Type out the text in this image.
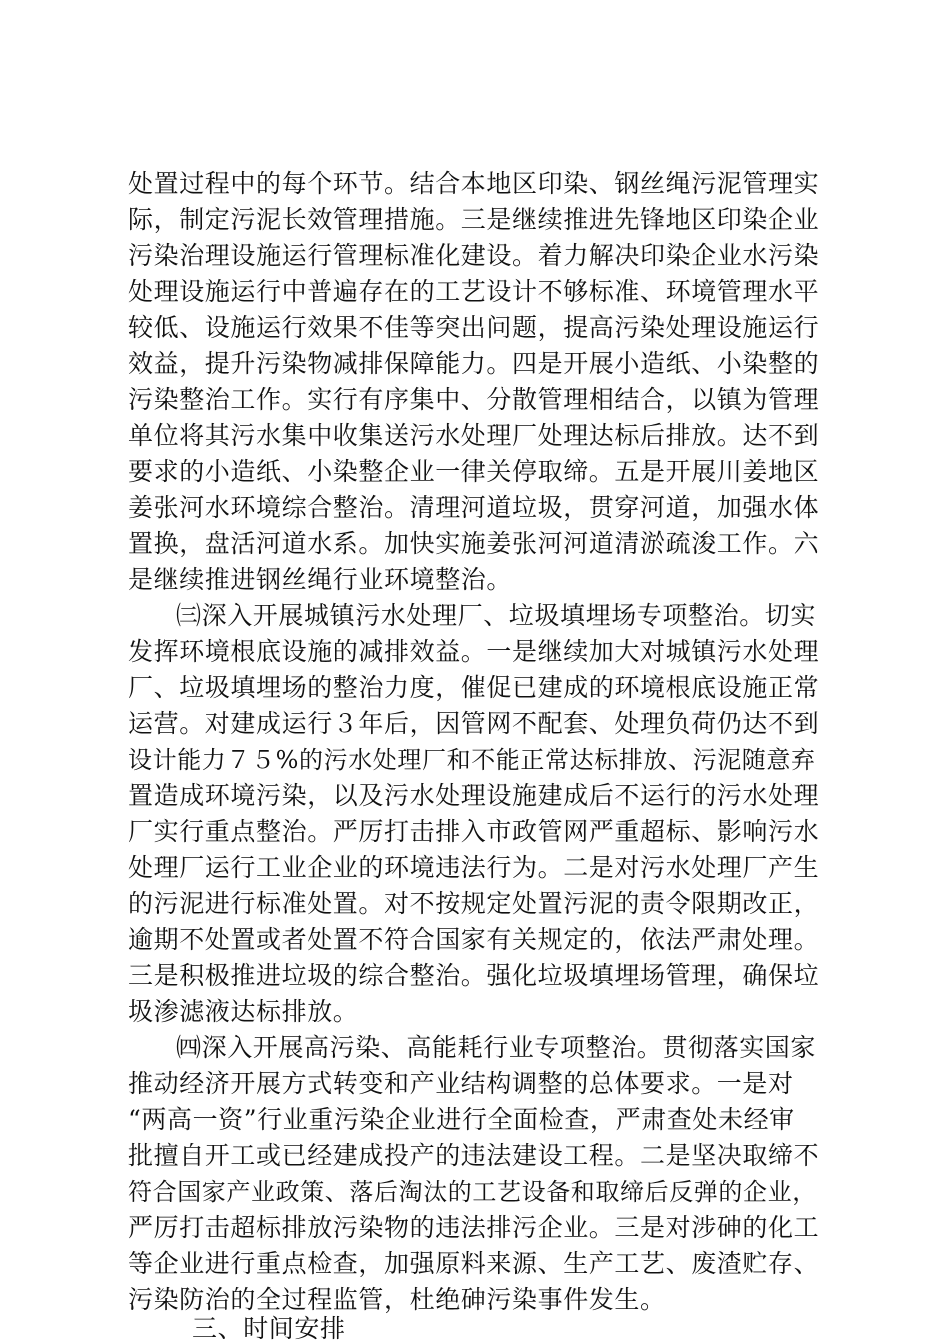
处置过程中的每个环节。结合本地区印染、钢丝绳污泥管理实
际，制定污泥长效管理措施。三是继续推进先锋地区印染企业
污染治理设施运行管理标准化建设。着力解决印染企业水污染
处理设施运行中普遍存在的工艺设计不够标准、环境管理水平
较低、设施运行效果不佳等突出问题，提高污染处理设施运行
效益，提升污染物减排保障能力。四是开展小造纸、小染整的
污染整治工作。实行有序集中、分散管理相结合，以镇为管理
单位将其污水集中收集送污水处理厂处理达标后排放。达不到
要求的小造纸、小染整企业一律关停取缔。五是开展川姜地区
姜张河水环境综合整治。清理河道垃圾，贯穿河道，加强水体
置换，盘活河道水系。加快实施姜张河河道清淤疏浚工作。六
是继续推进钢丝绳行业环境整治。
㈢深入开展城镇污水处理厂、垃圾填埋场专项整治。切实
发挥环境根底设施的减排效益。一是继续加大对城镇污水处理
厂、垃圾填埋场的整治力度，催促已建成的环境根底设施正常
运营。对建成运行３年后，因管网不配套、处理负荷仍达不到
设计能力７５%的污水处理厂和不能正常达标排放、污泥随意弃
置造成环境污染，以及污水处理设施建成后不运行的污水处理
厂实行重点整治。严厉打击排入市政管网严重超标、影响污水
处理厂运行工业企业的环境违法行为。二是对污水处理厂产生
的污泥进行标准处置。对不按规定处置污泥的责令限期改正，
逾期不处置或者处置不符合国家有关规定的，依法严肃处理。
三是积极推进垃圾的综合整治。强化垃圾填埋场管理，确保垃
圾渗滤液达标排放。
㈣深入开展高污染、高能耗行业专项整治。贯彻落实国家
推动经济开展方式转变和产业结构调整的总体要求。一是对
“两高一资”行业重污染企业进行全面检查，严肃查处未经审
批擅自开工或已经建成投产的违法建设工程。二是坚决取缔不
符合国家产业政策、落后淘汰的工艺设备和取缔后反弹的企业，
严厉打击超标排放污染物的违法排污企业。三是对涉砷的化工
等企业进行重点检查，加强原料来源、生产工艺、废渣贮存、
污染防治的全过程监管，杜绝砷污染事件发生。
三、时间安排
